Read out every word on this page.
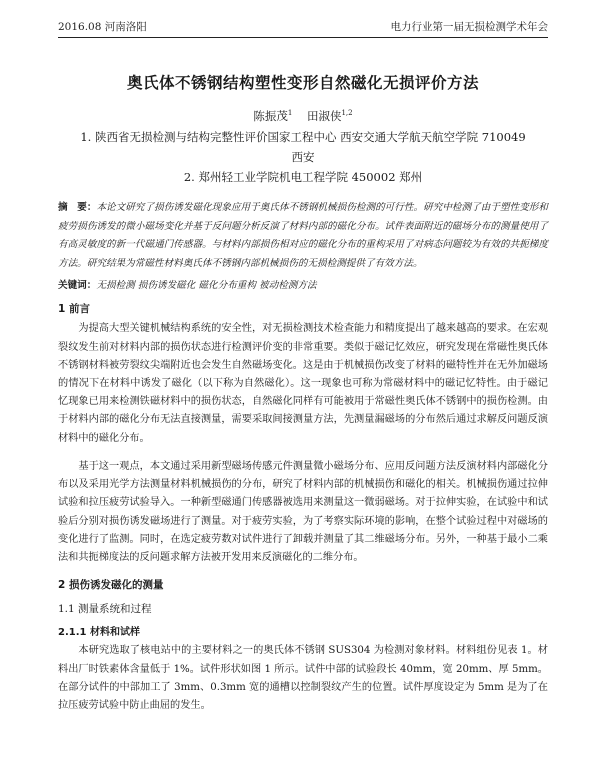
2016.08 河南洛阳	电力行业第一届无损检测学术年会
奥氏体不锈钢结构塑性变形自然磁化无损评价方法
陈振茂$^1$ 田淑侠$^{1,2}$
1. 陕西省无损检测与结构完整性评价国家工程中心 西安交通大学航天航空学院 710049
西安
2. 郑州轻工业学院机电工程学院 450002 郑州
摘　要：本论文研究了损伤诱发磁化现象应用于奥氏体不锈钢机械损伤检测的可行性。研究中检测了由于塑性变形和疲劳损伤诱发的微小磁场变化并基于反问题分析反演了材料内部的磁化分布。试件表面附近的磁场分布的测量使用了有高灵敏度的新一代磁通门传感器。与材料内部损伤相对应的磁化分布的重构采用了对病态问题较为有效的共扼梯度方法。研究结果为常磁性材料奥氏体不锈钢内部机械损伤的无损检测提供了有效方法。
关键词：无损检测 损伤诱发磁化 磁化分布重构 被动检测方法
1 前言

为提高大型关键机械结构系统的安全性，对无损检测技术检查能力和精度提出了越来越高的要求。在宏观裂纹发生前对材料内部的损伤状态进行检测评价变的非常重要。类似于磁记忆效应，研究发现在常磁性奥氏体不锈钢材料被劳裂纹尖端附近也会发生自然磁场变化。这是由于机械损伤改变了材料的磁特性并在无外加磁场的情况下在材料中诱发了磁化（以下称为自然磁化）。这一现象也可称为常磁材料中的磁记忆特性。由于磁记忆现象已用来检测铁磁材料中的损伤状态，自然磁化同样有可能被用于常磁性奥氏体不锈钢中的损伤检测。由于材料内部的磁化分布无法直接测量，需要采取间接测量方法，先测量漏磁场的分布然后通过求解反问题反演材料中的磁化分布。

基于这一观点，本文通过采用新型磁场传感元件测量微小磁场分布、应用反问题方法反演材料内部磁化分布以及采用光学方法测量材料机械损伤的分布，研究了材料内部的机械损伤和磁化的相关。机械损伤通过拉伸试验和拉压疲劳试验导入。一种新型磁通门传感器被选用来测量这一微弱磁场。对于拉伸实验，在试验中和试验后分别对损伤诱发磁场进行了测量。对于疲劳实验，为了考察实际环境的影响，在整个试验过程中对磁场的变化进行了监测。同时，在选定疲劳数对试件进行了卸载并测量了其二维磁场分布。另外，一种基于最小二乘法和共扼梯度法的反问题求解方法被开发用来反演磁化的二维分布。

2 损伤诱发磁化的测量
1.1 测量系统和过程
2.1.1 材料和试样

本研究选取了核电站中的主要材料之一的奥氏体不锈钢 SUS304 为检测对象材料。材料组份见表 1。材料出厂时铁素体含量低于 1%。试件形状如图 1 所示。试件中部的试验段长 40mm，宽 20mm、厚 5mm。在部分试件的中部加工了 3mm、0.3mm 宽的通槽以控制裂纹产生的位置。试件厚度设定为 5mm 是为了在拉压疲劳试验中防止曲屈的发生。
